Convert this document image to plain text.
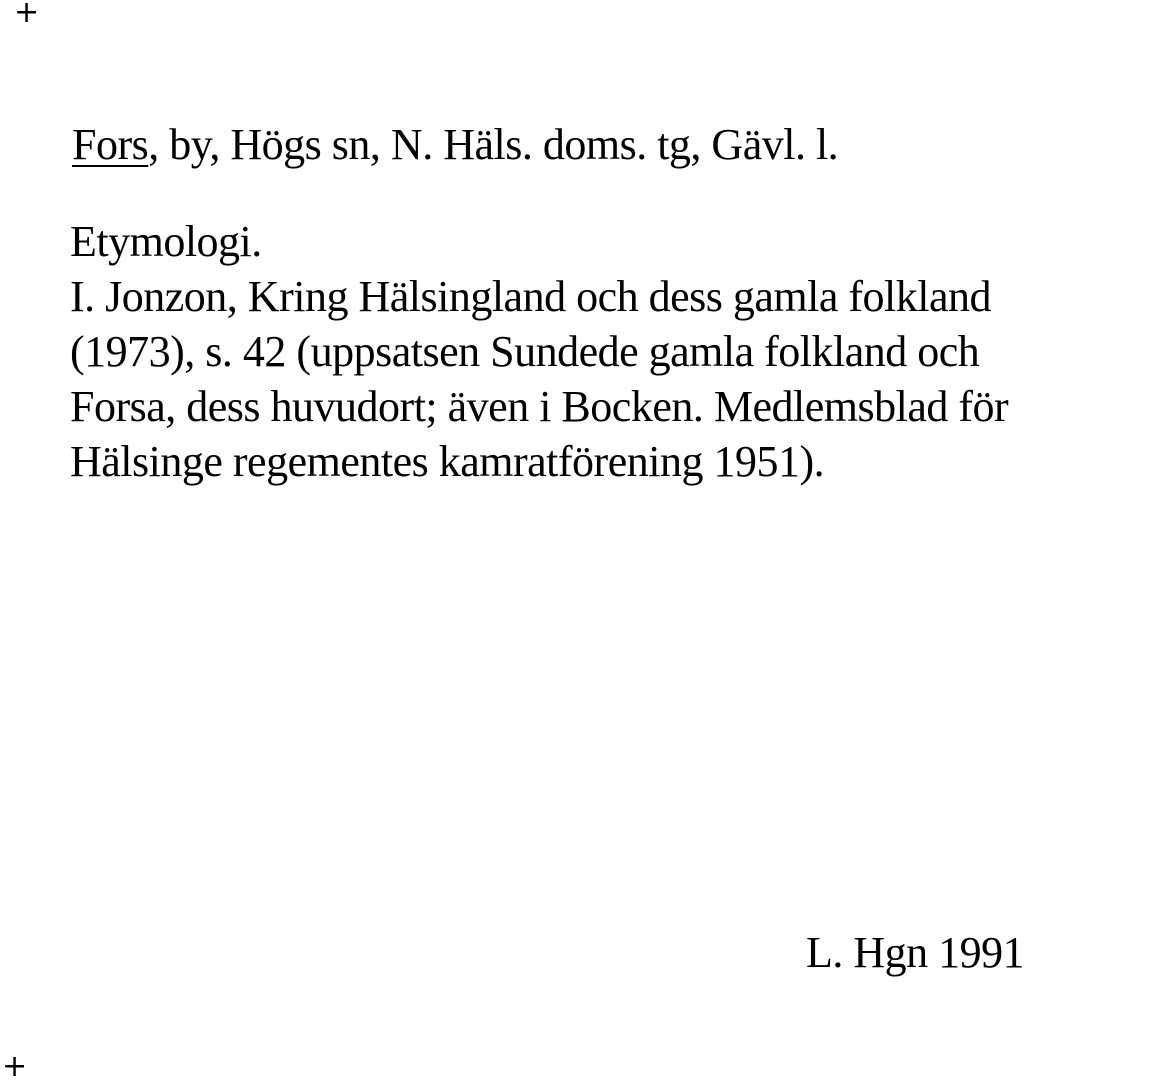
+
Fors, by, Högs sn, N. Häls. doms. tg, Gävl. l.
Etymologi.
I. Jonzon, Kring Hälsingland och dess gamla folkland
(1973), s. 42 (uppsatsen Sundede gamla folkland och
Forsa, dess huvudort; även i Bocken. Medlemsblad för
Hälsinge regementes kamratförening 1951).
L. Hgn 1991
+
